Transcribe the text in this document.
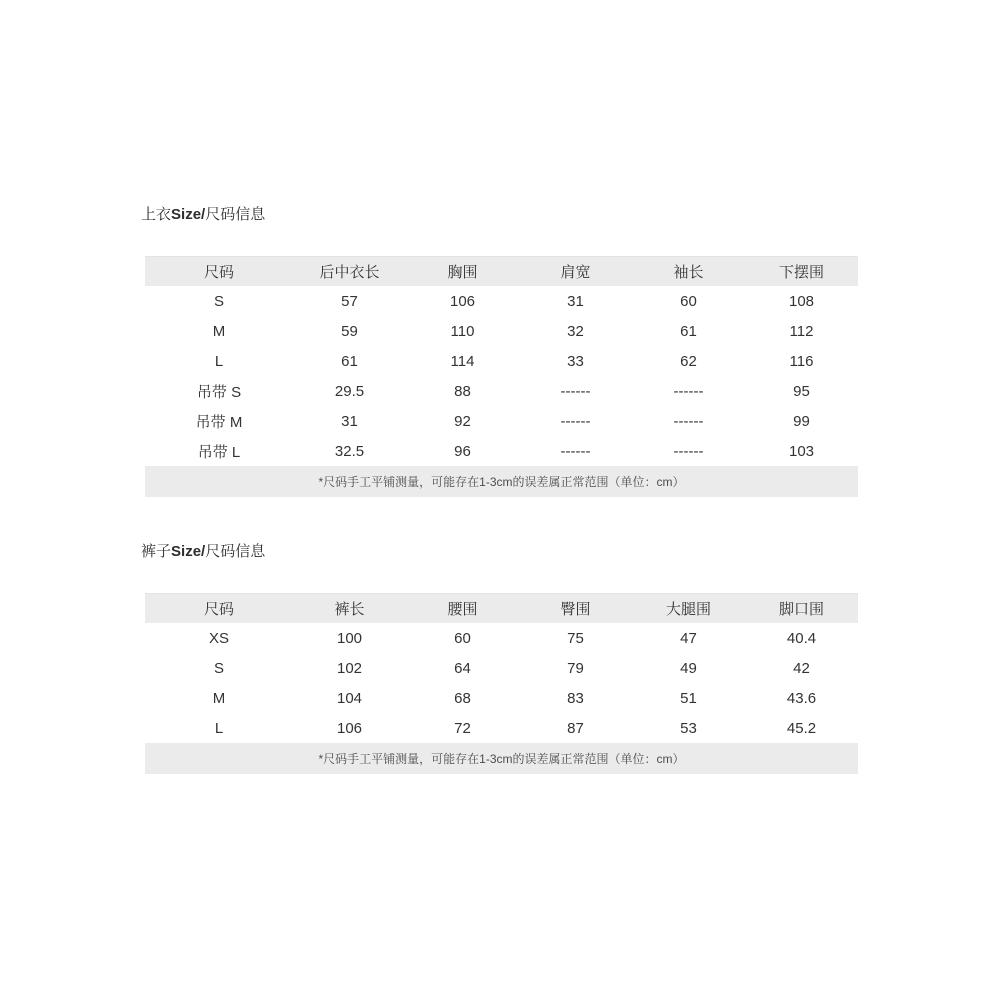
上衣Size/尺码信息
尺码	后中衣长	胸围	肩宽	袖长	下摆围
S	57	106	31	60	108
M	59	110	32	61	112
L	61	114	33	62	116
吊带 S	29.5	88	------	------	95
吊带 M	31	92	------	------	99
吊带 L	32.5	96	------	------	103
*尺码手工平铺测量，可能存在1-3cm的误差属正常范围（单位：cm）					
裤子Size/尺码信息
尺码	裤长	腰围	臀围	大腿围	脚口围
XS	100	60	75	47	40.4
S	102	64	79	49	42
M	104	68	83	51	43.6
L	106	72	87	53	45.2
*尺码手工平铺测量，可能存在1-3cm的误差属正常范围（单位：cm）					
